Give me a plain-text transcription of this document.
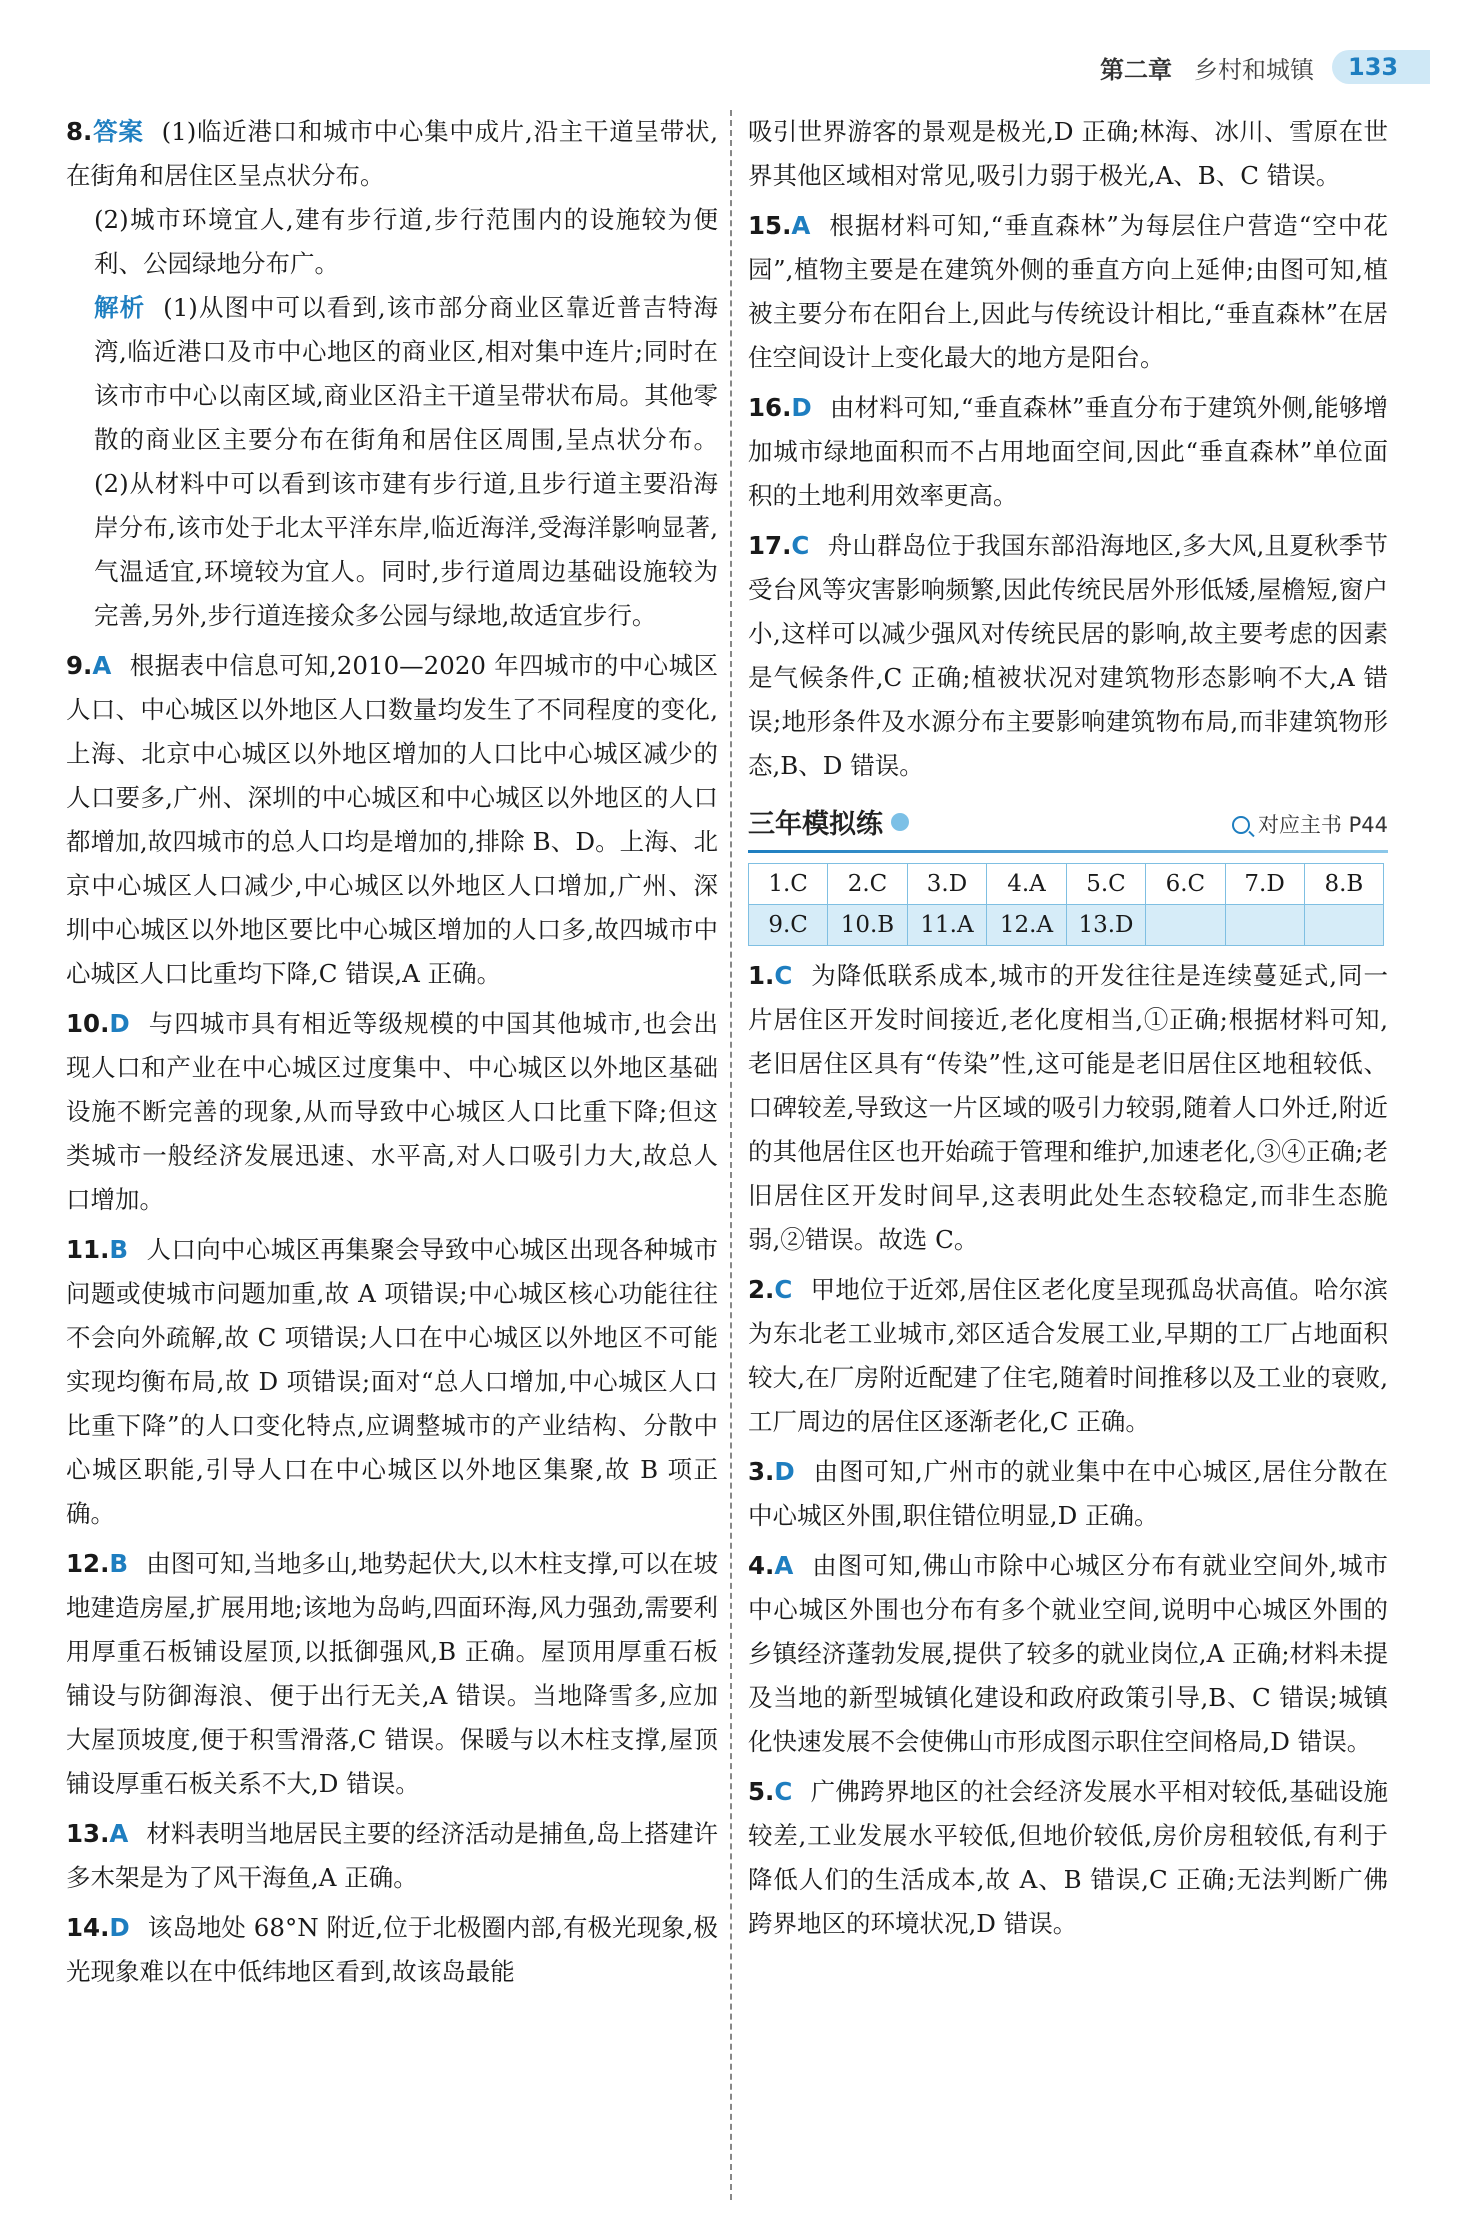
第二章 乡村和城镇	133
8.答案 (1)临近港口和城市中心集中成片,沿主干道呈带状,在街角和居住区呈点状分布。
(2)城市环境宜人,建有步行道,步行范围内的设施较为便利、公园绿地分布广。
解析 (1)从图中可以看到,该市部分商业区靠近普吉特海湾,临近港口及市中心地区的商业区,相对集中连片;同时在该市市中心以南区域,商业区沿主干道呈带状布局。其他零散的商业区主要分布在街角和居住区周围,呈点状分布。(2)从材料中可以看到该市建有步行道,且步行道主要沿海岸分布,该市处于北太平洋东岸,临近海洋,受海洋影响显著,气温适宜,环境较为宜人。同时,步行道周边基础设施较为完善,另外,步行道连接众多公园与绿地,故适宜步行。

9.A 根据表中信息可知,2010—2020 年四城市的中心城区人口、中心城区以外地区人口数量均发生了不同程度的变化,上海、北京中心城区以外地区增加的人口比中心城区减少的人口要多,广州、深圳的中心城区和中心城区以外地区的人口都增加,故四城市的总人口均是增加的,排除 B、D。上海、北京中心城区人口减少,中心城区以外地区人口增加,广州、深圳中心城区以外地区要比中心城区增加的人口多,故四城市中心城区人口比重均下降,C 错误,A 正确。

10.D 与四城市具有相近等级规模的中国其他城市,也会出现人口和产业在中心城区过度集中、中心城区以外地区基础设施不断完善的现象,从而导致中心城区人口比重下降;但这类城市一般经济发展迅速、水平高,对人口吸引力大,故总人口增加。

11.B 人口向中心城区再集聚会导致中心城区出现各种城市问题或使城市问题加重,故 A 项错误;中心城区核心功能往往不会向外疏解,故 C 项错误;人口在中心城区以外地区不可能实现均衡布局,故 D 项错误;面对“总人口增加,中心城区人口比重下降”的人口变化特点,应调整城市的产业结构、分散中心城区职能,引导人口在中心城区以外地区集聚,故 B 项正确。

12.B 由图可知,当地多山,地势起伏大,以木柱支撑,可以在坡地建造房屋,扩展用地;该地为岛屿,四面环海,风力强劲,需要利用厚重石板铺设屋顶,以抵御强风,B 正确。屋顶用厚重石板铺设与防御海浪、便于出行无关,A 错误。当地降雪多,应加大屋顶坡度,便于积雪滑落,C 错误。保暖与以木柱支撑,屋顶铺设厚重石板关系不大,D 错误。

13.A 材料表明当地居民主要的经济活动是捕鱼,岛上搭建许多木架是为了风干海鱼,A 正确。

14.D 该岛地处 68°N 附近,位于北极圈内部,有极光现象,极光现象难以在中低纬地区看到,故该岛最能

吸引世界游客的景观是极光,D 正确;林海、冰川、雪原在世界其他区域相对常见,吸引力弱于极光,A、B、C 错误。

15.A 根据材料可知,“垂直森林”为每层住户营造“空中花园”,植物主要是在建筑外侧的垂直方向上延伸;由图可知,植被主要分布在阳台上,因此与传统设计相比,“垂直森林”在居住空间设计上变化最大的地方是阳台。

16.D 由材料可知,“垂直森林”垂直分布于建筑外侧,能够增加城市绿地面积而不占用地面空间,因此“垂直森林”单位面积的土地利用效率更高。

17.C 舟山群岛位于我国东部沿海地区,多大风,且夏秋季节受台风等灾害影响频繁,因此传统民居外形低矮,屋檐短,窗户小,这样可以减少强风对传统民居的影响,故主要考虑的因素是气候条件,C 正确;植被状况对建筑物形态影响不大,A 错误;地形条件及水源分布主要影响建筑物布局,而非建筑物形态,B、D 错误。

三年模拟练	对应主书 P44
1.C	2.C	3.D	4.A	5.C	6.C	7.D	8.B
9.C	10.B	11.A	12.A	13.D			

1.C 为降低联系成本,城市的开发往往是连续蔓延式,同一片居住区开发时间接近,老化度相当,①正确;根据材料可知,老旧居住区具有“传染”性,这可能是老旧居住区地租较低、口碑较差,导致这一片区域的吸引力较弱,随着人口外迁,附近的其他居住区也开始疏于管理和维护,加速老化,③④正确;老旧居住区开发时间早,这表明此处生态较稳定,而非生态脆弱,②错误。故选 C。

2.C 甲地位于近郊,居住区老化度呈现孤岛状高值。哈尔滨为东北老工业城市,郊区适合发展工业,早期的工厂占地面积较大,在厂房附近配建了住宅,随着时间推移以及工业的衰败,工厂周边的居住区逐渐老化,C 正确。

3.D 由图可知,广州市的就业集中在中心城区,居住分散在中心城区外围,职住错位明显,D 正确。

4.A 由图可知,佛山市除中心城区分布有就业空间外,城市中心城区外围也分布有多个就业空间,说明中心城区外围的乡镇经济蓬勃发展,提供了较多的就业岗位,A 正确;材料未提及当地的新型城镇化建设和政府政策引导,B、C 错误;城镇化快速发展不会使佛山市形成图示职住空间格局,D 错误。

5.C 广佛跨界地区的社会经济发展水平相对较低,基础设施较差,工业发展水平较低,但地价较低,房价房租较低,有利于降低人们的生活成本,故 A、B 错误,C 正确;无法判断广佛跨界地区的环境状况,D 错误。
